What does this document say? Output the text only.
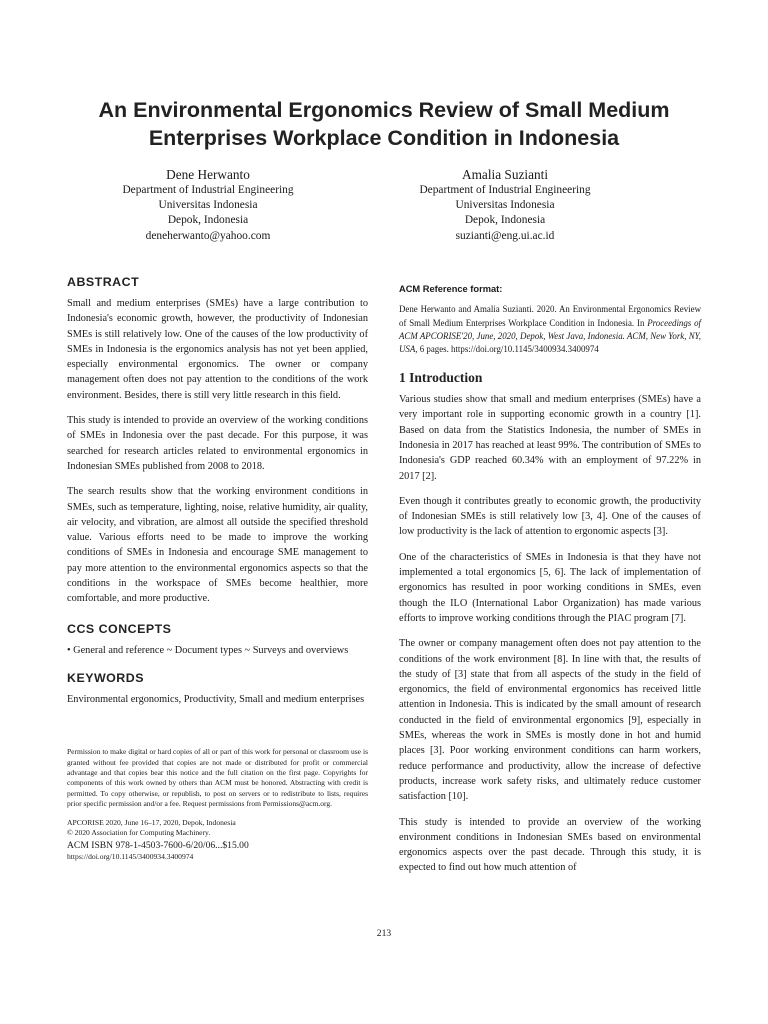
An Environmental Ergonomics Review of Small Medium Enterprises Workplace Condition in Indonesia
Dene Herwanto
Department of Industrial Engineering
Universitas Indonesia
Depok, Indonesia
deneherwanto@yahoo.com
Amalia Suzianti
Department of Industrial Engineering
Universitas Indonesia
Depok, Indonesia
suzianti@eng.ui.ac.id
ABSTRACT

Small and medium enterprises (SMEs) have a large contribution to Indonesia's economic growth, however, the productivity of Indonesian SMEs is still relatively low. One of the causes of the low productivity of SMEs in Indonesia is the ergonomics analysis has not yet been applied, especially environmental ergonomics. The owner or company management often does not pay attention to the conditions of the work environment. Besides, there is still very little research in this field.

This study is intended to provide an overview of the working conditions of SMEs in Indonesia over the past decade. For this purpose, it was searched for research articles related to environmental ergonomics in Indonesian SMEs published from 2008 to 2018.

The search results show that the working environment conditions in SMEs, such as temperature, lighting, noise, relative humidity, air quality, air velocity, and vibration, are almost all outside the specified threshold value. Various efforts need to be made to improve the working conditions of SMEs in Indonesia and encourage SME management to pay more attention to the environmental ergonomics aspects so that the conditions in the workspace of SMEs become healthier, more comfortable, and more productive.

CCS CONCEPTS
• General and reference ~ Document types ~ Surveys and overviews
KEYWORDS

Environmental ergonomics, Productivity, Small and medium enterprises

Permission to make digital or hard copies of all or part of this work for personal or classroom use is granted without fee provided that copies are not made or distributed for profit or commercial advantage and that copies bear this notice and the full citation on the first page. Copyrights for components of this work owned by others than ACM must be honored. Abstracting with credit is permitted. To copy otherwise, or republish, to post on servers or to redistribute to lists, requires prior specific permission and/or a fee. Request permissions from Permissions@acm.org.
APCORISE 2020, June 16–17, 2020, Depok, Indonesia
© 2020 Association for Computing Machinery.
ACM ISBN 978-1-4503-7600-6/20/06...$15.00
https://doi.org/10.1145/3400934.3400974
ACM Reference format:
Dene Herwanto and Amalia Suzianti. 2020. An Environmental Ergonomics Review of Small Medium Enterprises Workplace Condition in Indonesia. In Proceedings of ACM APCORISE'20, June, 2020, Depok, West Java, Indonesia. ACM, New York, NY, USA, 6 pages. https://doi.org/10.1145/3400934.3400974
1 Introduction

Various studies show that small and medium enterprises (SMEs) have a very important role in supporting economic growth in a country [1]. Based on data from the Statistics Indonesia, the number of SMEs in Indonesia in 2017 has reached at least 99%. The contribution of SMEs to Indonesia's GDP reached 60.34% with an employment of 97.22% in 2017 [2].

Even though it contributes greatly to economic growth, the productivity of Indonesian SMEs is still relatively low [3, 4]. One of the causes of low productivity is the lack of attention to ergonomic aspects [3].

One of the characteristics of SMEs in Indonesia is that they have not implemented a total ergonomics [5, 6]. The lack of implementation of ergonomics has resulted in poor working conditions in SMEs, even though the ILO (International Labor Organization) has made various efforts to improve working conditions through the PIAC program [7].

The owner or company management often does not pay attention to the conditions of the work environment [8]. In line with that, the results of the study of [3] state that from all aspects of the study in the field of ergonomics, the field of environmental ergonomics has received little attention in Indonesia. This is indicated by the small amount of research conducted in the field of environmental ergonomics [9], especially in SMEs, whereas the work in SMEs is mostly done in hot and humid places [3]. Poor working environment conditions can harm workers, reduce performance and productivity, allow the increase of defective products, increase work safety risks, and ultimately reduce customer satisfaction [10].

This study is intended to provide an overview of the working environment conditions in Indonesian SMEs based on environmental ergonomics aspects over the past decade. Through this study, it is expected to find out how much attention of

213
